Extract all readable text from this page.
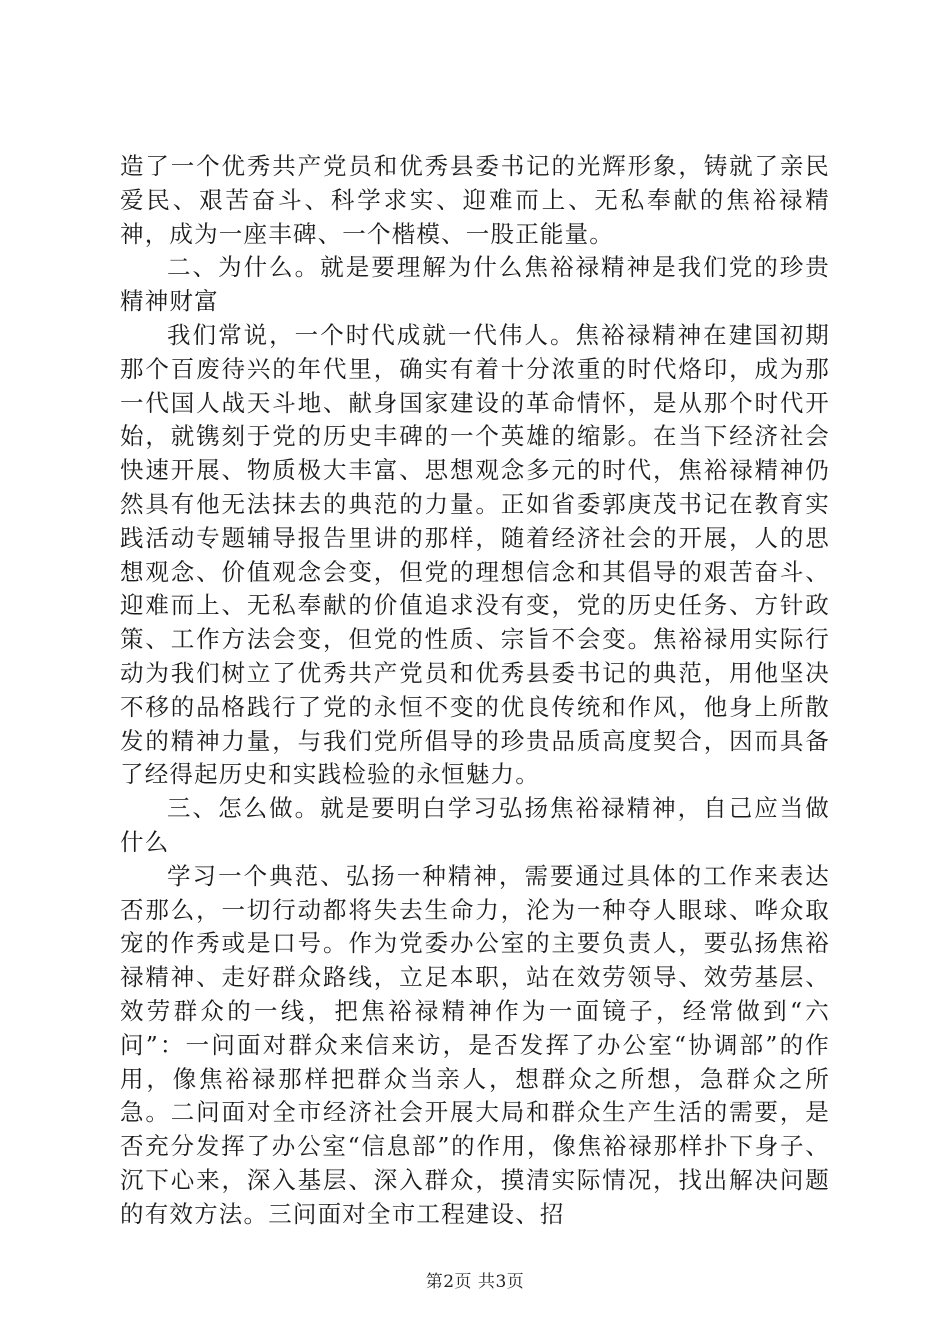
造了一个优秀共产党员和优秀县委书记的光辉形象，铸就了亲民爱民、艰苦奋斗、科学求实、迎难而上、无私奉献的焦裕禄精神，成为一座丰碑、一个楷模、一股正能量。

二、为什么。就是要理解为什么焦裕禄精神是我们党的珍贵精神财富

我们常说，一个时代成就一代伟人。焦裕禄精神在建国初期那个百废待兴的年代里，确实有着十分浓重的时代烙印，成为那一代国人战天斗地、献身国家建设的革命情怀，是从那个时代开始，就镌刻于党的历史丰碑的一个英雄的缩影。在当下经济社会快速开展、物质极大丰富、思想观念多元的时代，焦裕禄精神仍然具有他无法抹去的典范的力量。正如省委郭庚茂书记在教育实践活动专题辅导报告里讲的那样，随着经济社会的开展，人的思想观念、价值观念会变，但党的理想信念和其倡导的艰苦奋斗、迎难而上、无私奉献的价值追求没有变，党的历史任务、方针政策、工作方法会变，但党的性质、宗旨不会变。焦裕禄用实际行动为我们树立了优秀共产党员和优秀县委书记的典范，用他坚决不移的品格践行了党的永恒不变的优良传统和作风，他身上所散发的精神力量，与我们党所倡导的珍贵品质高度契合，因而具备了经得起历史和实践检验的永恒魅力。

三、怎么做。就是要明白学习弘扬焦裕禄精神，自己应当做什么

学习一个典范、弘扬一种精神，需要通过具体的工作来表达否那么，一切行动都将失去生命力，沦为一种夺人眼球、哗众取宠的作秀或是口号。作为党委办公室的主要负责人，要弘扬焦裕禄精神、走好群众路线，立足本职，站在效劳领导、效劳基层、效劳群众的一线，把焦裕禄精神作为一面镜子，经常做到“六问”：一问面对群众来信来访，是否发挥了办公室“协调部”的作用，像焦裕禄那样把群众当亲人，想群众之所想，急群众之所急。二问面对全市经济社会开展大局和群众生产生活的需要，是否充分发挥了办公室“信息部”的作用，像焦裕禄那样扑下身子、沉下心来，深入基层、深入群众，摸清实际情况，找出解决问题的有效方法。三问面对全市工程建设、招

第2页 共3页
